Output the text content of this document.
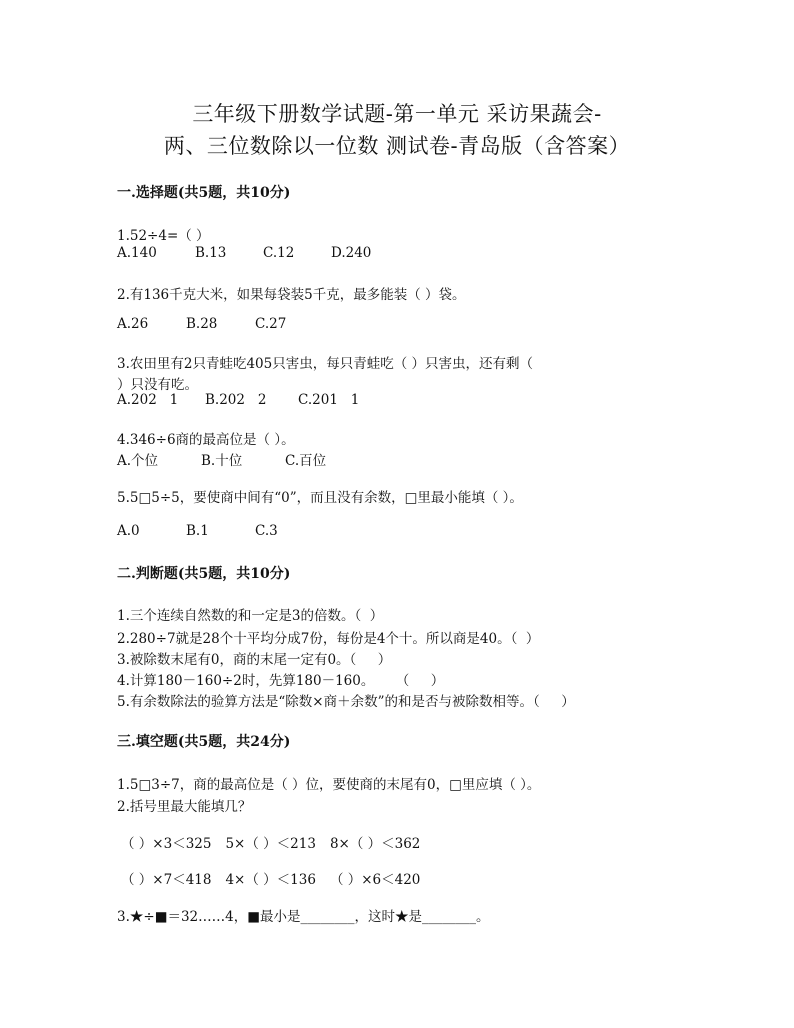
三年级下册数学试题-第一单元 采访果蔬会-
两、三位数除以一位数 测试卷-青岛版（含答案）
一.选择题(共5题，共10分)
1.52÷4=（ ）
A.140	B.13	C.12	D.240
2.有136千克大米，如果每袋装5千克，最多能装（ ）袋。
A.26	B.28	C.27
3.农田里有2只青蛙吃405只害虫，每只青蛙吃（ ）只害虫，还有剩（
）只没有吃。
A.202   1 B.202   2 C.201   1
4.346÷6商的最高位是（ ）。
A.个位	B.十位	C.百位
5.5□5÷5，要使商中间有“0”，而且没有余数，□里最小能填（ ）。
A.0	B.1	C.3
二.判断题(共5题，共10分)
1.三个连续自然数的和一定是3的倍数。（  ）
2.280÷7就是28个十平均分成7份，每份是4个十。所以商是40。（  ）
3.被除数末尾有0，商的末尾一定有0。（     ）
4.计算180－160÷2时，先算180－160。     （     ）
5.有余数除法的验算方法是“除数×商＋余数”的和是否与被除数相等。（     ）
三.填空题(共5题，共24分)
1.5□3÷7，商的最高位是（ ）位，要使商的末尾有0，□里应填（ ）。
2.括号里最大能填几？
（ ）×3＜325 5×（ ）＜213 8×（ ）＜362
（ ）×7＜418 4×（ ）＜136 （ ）×6＜420
3.★÷■＝32……4，■最小是________，这时★是________。
